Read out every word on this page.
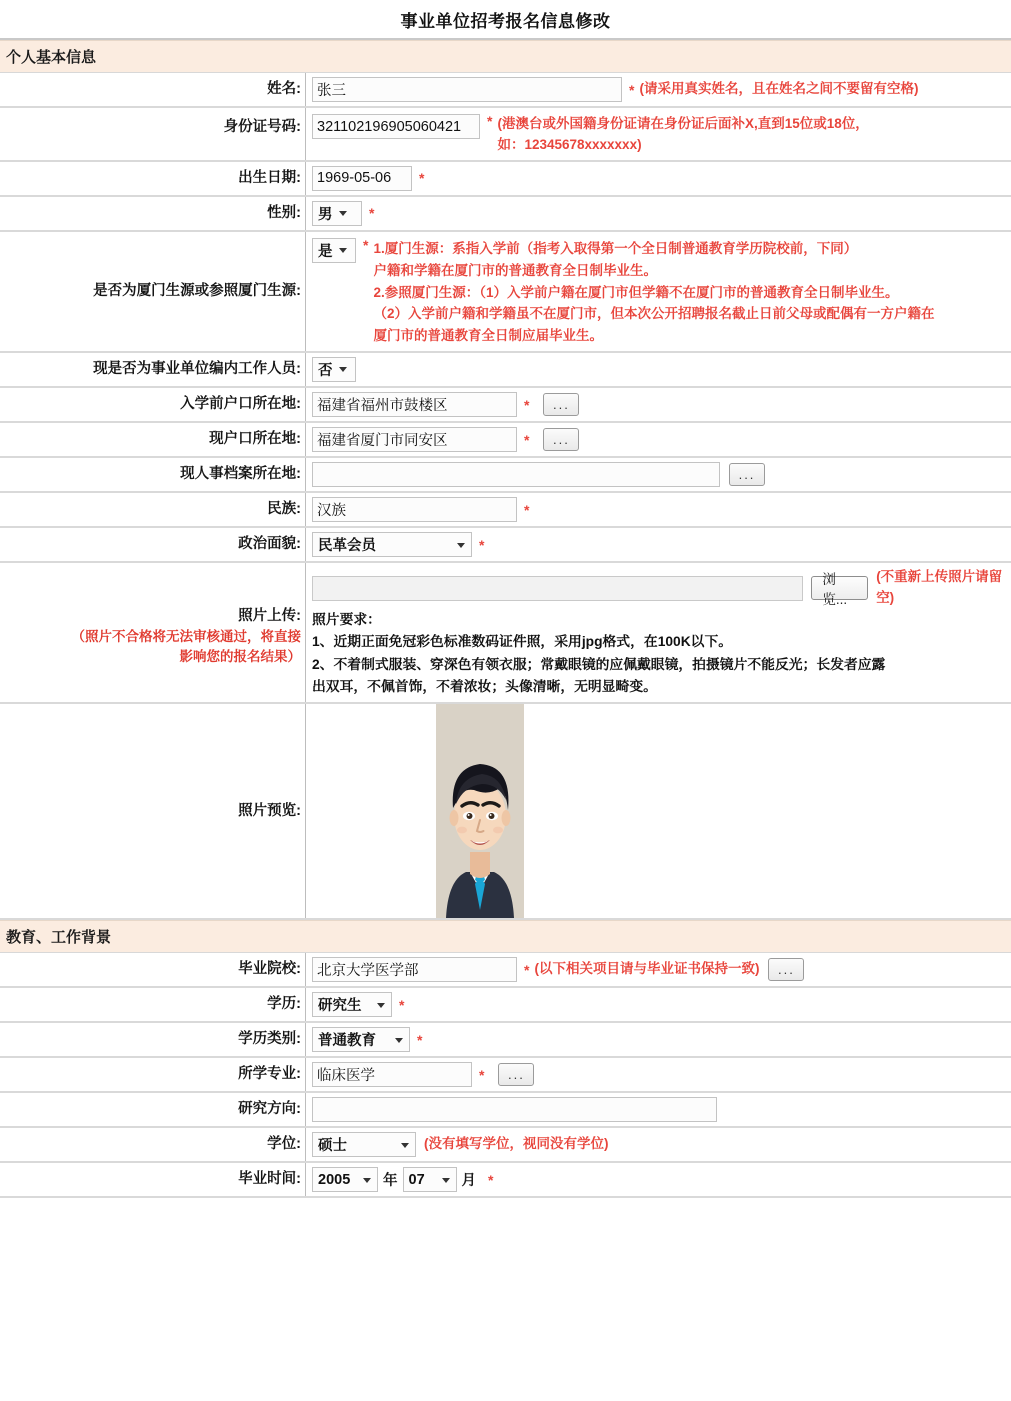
事业单位招考报名信息修改
个人基本信息
姓名:
张三	* (请采用真实姓名，且在姓名之间不要留有空格)
身份证号码:
321102196905060421	* (港澳台或外国籍身份证请在身份证后面补X,直到15位或18位，
如：12345678xxxxxxx)
出生日期:
1969-05-06	*
性别:	男	*
是否为厦门生源或参照厦门生源:
是 * 1.厦门生源：系指入学前（指考入取得第一个全日制普通教育学历院校前，下同）
户籍和学籍在厦门市的普通教育全日制毕业生。
2.参照厦门生源：（1）入学前户籍在厦门市但学籍不在厦门市的普通教育全日制毕业生。
（2）入学前户籍和学籍虽不在厦门市，但本次公开招聘报名截止日前父母或配偶有一方户籍在
厦门市的普通教育全日制应届毕业生。
现是否为事业单位编内工作人员:	否
入学前户口所在地:
福建省福州市鼓楼区	*	...
现户口所在地:
福建省厦门市同安区	*	...
现人事档案所在地:	...
民族:
汉族	*
政治面貌:	民革会员	*
照片上传:
（照片不合格将无法审核通过，将直接
影响您的报名结果）
浏览...
(不重新上传照片请留空)
照片要求：
1、近期正面免冠彩色标准数码证件照，采用jpg格式，在100K以下。
2、不着制式服装、穿深色有领衣服；常戴眼镜的应佩戴眼镜，拍摄镜片不能反光；长发者应露
出双耳，不佩首饰，不着浓妆；头像清晰，无明显畸变。
照片预览:
教育、工作背景
毕业院校:
北京大学医学部	* (以下相关项目请与毕业证书保持一致)	...
学历:	研究生	*
学历类别:	普通教育	*
所学专业:
临床医学	*	...
研究方向:
学位:	硕士	(没有填写学位，视同没有学位)
毕业时间:	2005 年 07	月 *
